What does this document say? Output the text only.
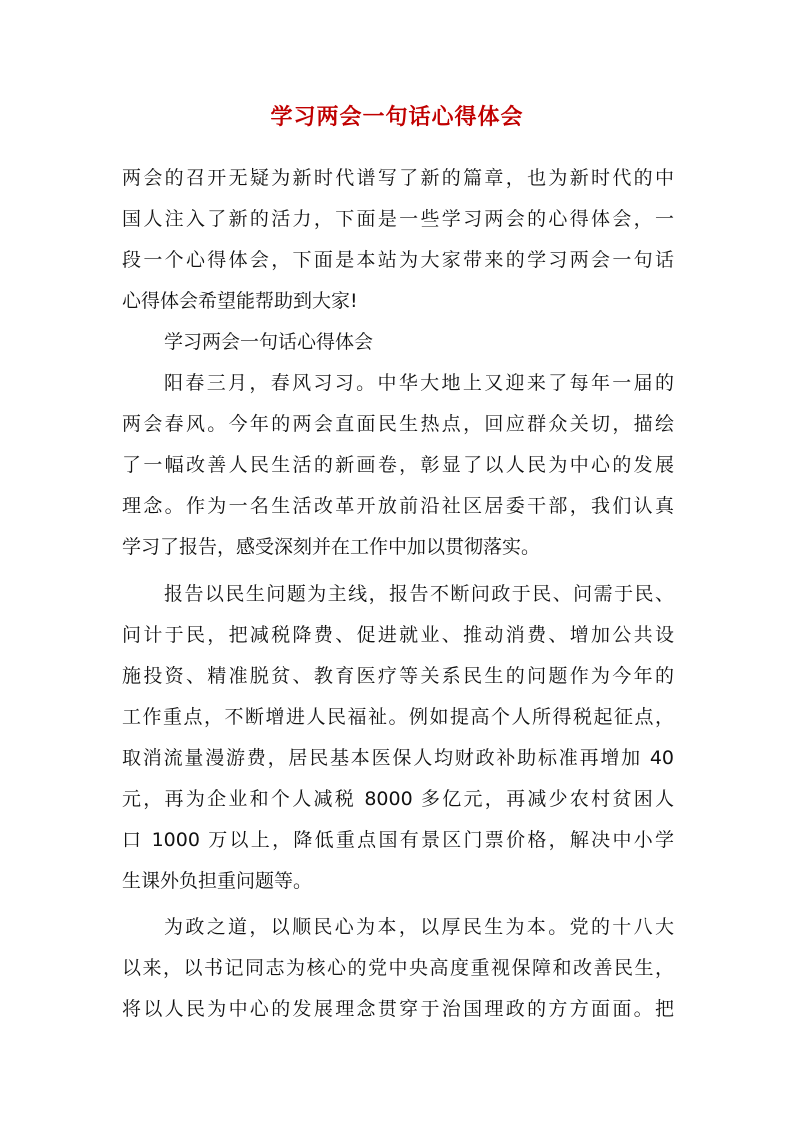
学习两会一句话心得体会
两会的召开无疑为新时代谱写了新的篇章，也为新时代的中
国人注入了新的活力，下面是一些学习两会的心得体会，一
段一个心得体会，下面是本站为大家带来的学习两会一句话
心得体会希望能帮助到大家!
学习两会一句话心得体会
阳春三月，春风习习。中华大地上又迎来了每年一届的
两会春风。今年的两会直面民生热点，回应群众关切，描绘
了一幅改善人民生活的新画卷，彰显了以人民为中心的发展
理念。作为一名生活改革开放前沿社区居委干部，我们认真
学习了报告，感受深刻并在工作中加以贯彻落实。
报告以民生问题为主线，报告不断问政于民、问需于民、
问计于民，把减税降费、促进就业、推动消费、增加公共设
施投资、精准脱贫、教育医疗等关系民生的问题作为今年的
工作重点，不断增进人民福祉。例如提高个人所得税起征点，
取消流量漫游费，居民基本医保人均财政补助标准再增加 40
元，再为企业和个人减税 8000 多亿元，再减少农村贫困人
口 1000 万以上，降低重点国有景区门票价格，解决中小学
生课外负担重问题等。
为政之道，以顺民心为本，以厚民生为本。党的十八大
以来，以书记同志为核心的党中央高度重视保障和改善民生，
将以人民为中心的发展理念贯穿于治国理政的方方面面。把
